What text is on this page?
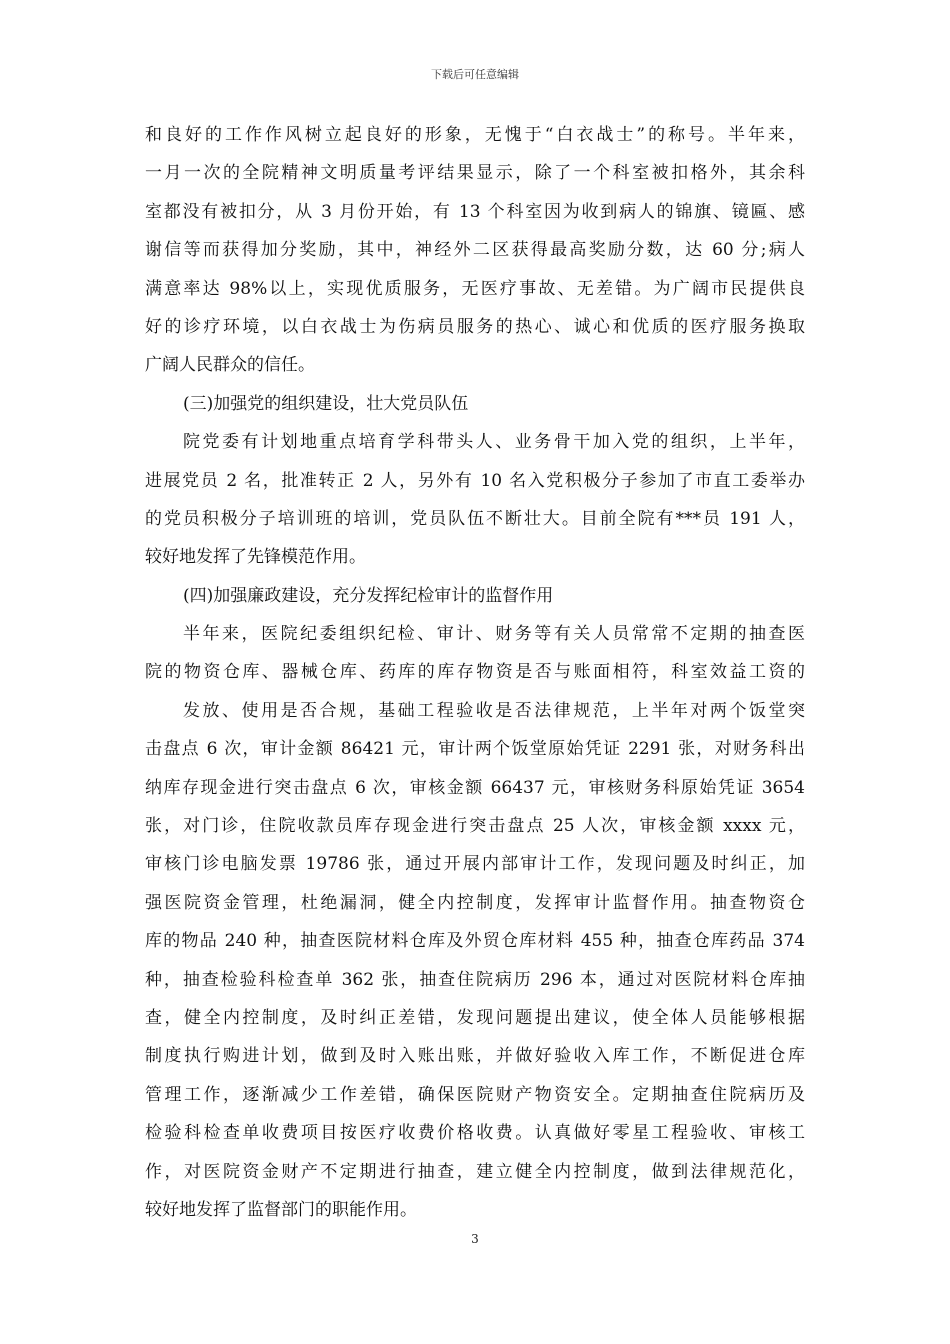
下载后可任意编辑
和良好的工作作风树立起良好的形象，无愧于“白衣战士”的称号。半年来，
一月一次的全院精神文明质量考评结果显示，除了一个科室被扣格外，其余科
室都没有被扣分，从 3 月份开始，有 13 个科室因为收到病人的锦旗、镜匾、感
谢信等而获得加分奖励，其中，神经外二区获得最高奖励分数，达 60 分;病人
满意率达 98%以上，实现优质服务，无医疗事故、无差错。为广阔市民提供良
好的诊疗环境，以白衣战士为伤病员服务的热心、诚心和优质的医疗服务换取
广阔人民群众的信任。
(三)加强党的组织建设，壮大党员队伍
院党委有计划地重点培育学科带头人、业务骨干加入党的组织，上半年，
进展党员 2 名，批准转正 2 人，另外有 10 名入党积极分子参加了市直工委举办
的党员积极分子培训班的培训，党员队伍不断壮大。目前全院有***员 191 人，
较好地发挥了先锋模范作用。
(四)加强廉政建设，充分发挥纪检审计的监督作用
半年来，医院纪委组织纪检、审计、财务等有关人员常常不定期的抽查医
院的物资仓库、器械仓库、药库的库存物资是否与账面相符，科室效益工资的
发放、使用是否合规，基础工程验收是否法律规范，上半年对两个饭堂突
击盘点 6 次，审计金额 86421 元，审计两个饭堂原始凭证 2291 张，对财务科出
纳库存现金进行突击盘点 6 次，审核金额 66437 元，审核财务科原始凭证 3654
张，对门诊，住院收款员库存现金进行突击盘点 25 人次，审核金额 xxxx 元，
审核门诊电脑发票 19786 张，通过开展内部审计工作，发现问题及时纠正，加
强医院资金管理，杜绝漏洞，健全内控制度，发挥审计监督作用。抽查物资仓
库的物品 240 种，抽查医院材料仓库及外贸仓库材料 455 种，抽查仓库药品 374
种，抽查检验科检查单 362 张，抽查住院病历 296 本，通过对医院材料仓库抽
查，健全内控制度，及时纠正差错，发现问题提出建议，使全体人员能够根据
制度执行购进计划，做到及时入账出账，并做好验收入库工作，不断促进仓库
管理工作，逐渐减少工作差错，确保医院财产物资安全。定期抽查住院病历及
检验科检查单收费项目按医疗收费价格收费。认真做好零星工程验收、审核工
作，对医院资金财产不定期进行抽查，建立健全内控制度，做到法律规范化，
较好地发挥了监督部门的职能作用。
3
